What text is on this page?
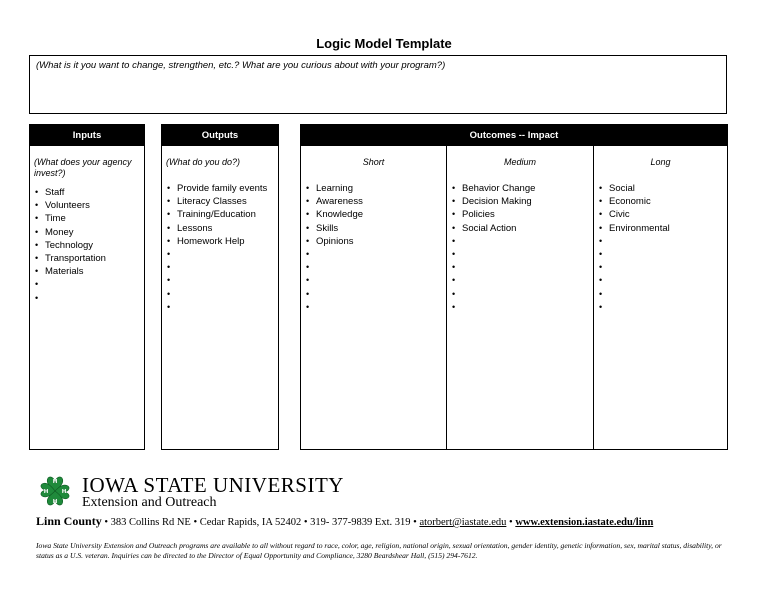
Logic Model Template
(What is it you want to change, strengthen, etc.? What are you curious about with your program?)
Inputs
(What does your agency invest?)
• Staff
• Volunteers
• Time
• Money
• Technology
• Transportation
• Materials
•
•
Outputs
(What do you do?)
• Provide family events
• Literacy Classes
• Training/Education
• Lessons
• Homework Help
•
•
•
•
•
Outcomes -- Impact
Short
• Learning
• Awareness
• Knowledge
• Skills
• Opinions
•
•
•
•
•
Medium
• Behavior Change
• Decision Making
• Policies
• Social Action
•
•
•
•
•
•
Long
• Social
• Economic
• Civic
• Environmental
•
•
•
•
•
•
H
H
H
H IOWA STATE UNIVERSITY
Extension and Outreach
Linn County • 383 Collins Rd NE • Cedar Rapids, IA 52402 • 319- 377-9839 Ext. 319 • atorbert@iastate.edu • www.extension.iastate.edu/linn
Iowa State University Extension and Outreach programs are available to all without regard to race, color, age, religion, national origin, sexual orientation, gender identity, genetic information, sex, marital status, disability, or status as a U.S. veteran. Inquiries can be directed to the Director of Equal Opportunity and Compliance, 3280 Beardshear Hall, (515) 294-7612.
